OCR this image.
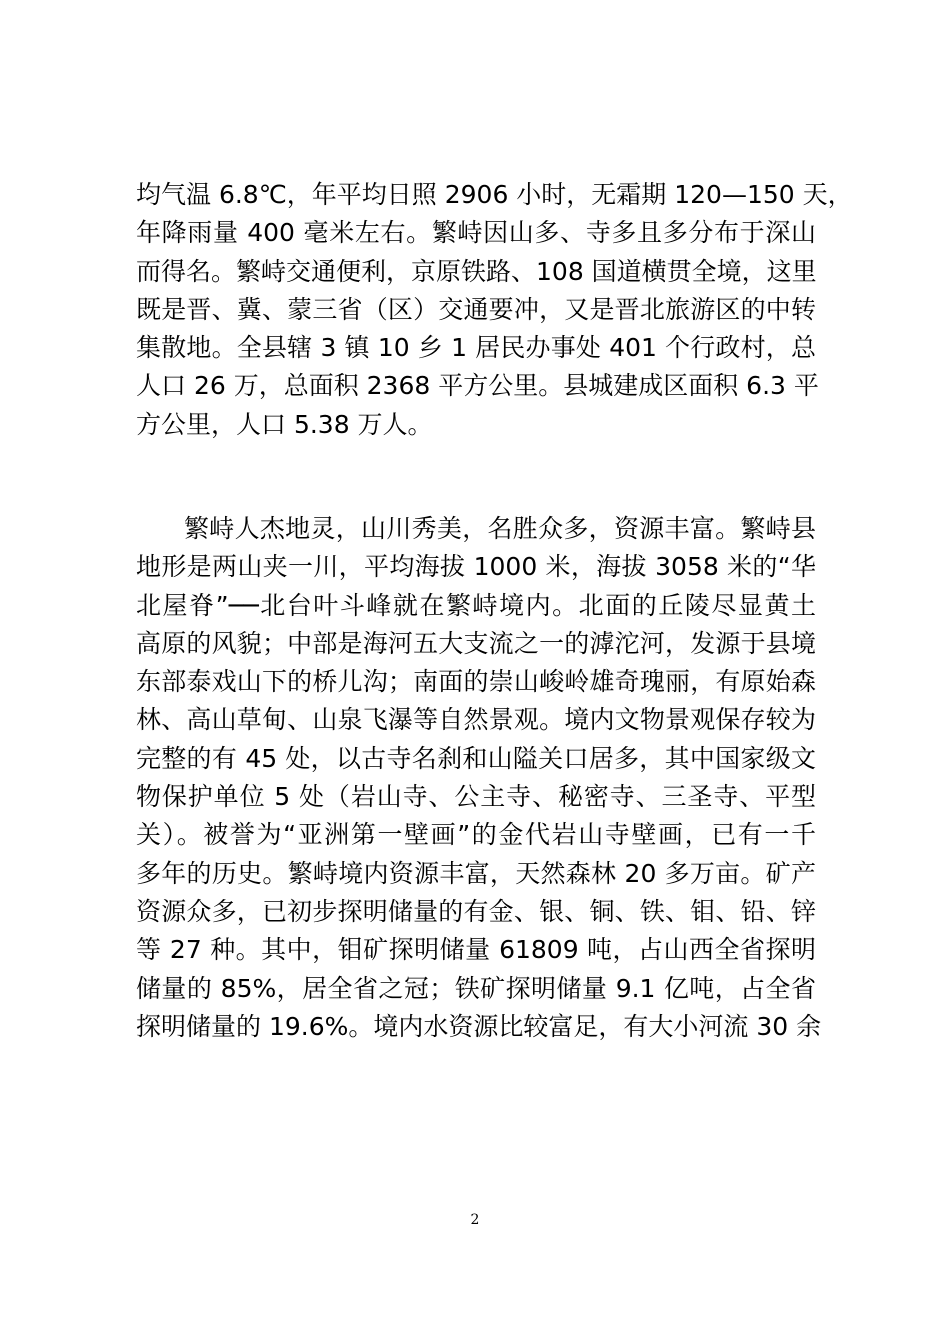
均气温 6.8℃，年平均日照 2906 小时，无霜期 120—150 天，
年降雨量 400 毫米左右。繁峙因山多、寺多且多分布于深山
而得名。繁峙交通便利，京原铁路、108 国道横贯全境，这里
既是晋、冀、蒙三省（区）交通要冲，又是晋北旅游区的中转
集散地。全县辖 3 镇 10 乡 1 居民办事处 401 个行政村，总
人口 26 万，总面积 2368 平方公里。县城建成区面积 6.3 平
方公里，人口 5.38 万人。
繁峙人杰地灵，山川秀美，名胜众多，资源丰富。繁峙县
地形是两山夹一川，平均海拔 1000 米，海拔 3058 米的“华
北屋脊”──北台叶斗峰就在繁峙境内。北面的丘陵尽显黄土
高原的风貌；中部是海河五大支流之一的滹沱河，发源于县境
东部泰戏山下的桥儿沟；南面的崇山峻岭雄奇瑰丽，有原始森
林、高山草甸、山泉飞瀑等自然景观。境内文物景观保存较为
完整的有 45 处，以古寺名刹和山隘关口居多，其中国家级文
物保护单位 5 处（岩山寺、公主寺、秘密寺、三圣寺、平型
关）。被誉为“亚洲第一壁画”的金代岩山寺壁画，已有一千
多年的历史。繁峙境内资源丰富，天然森林 20 多万亩。矿产
资源众多，已初步探明储量的有金、银、铜、铁、钼、铅、锌
等 27 种。其中，钼矿探明储量 61809 吨，占山西全省探明
储量的 85%，居全省之冠；铁矿探明储量 9.1 亿吨，占全省
探明储量的 19.6%。境内水资源比较富足，有大小河流 30 余
2
